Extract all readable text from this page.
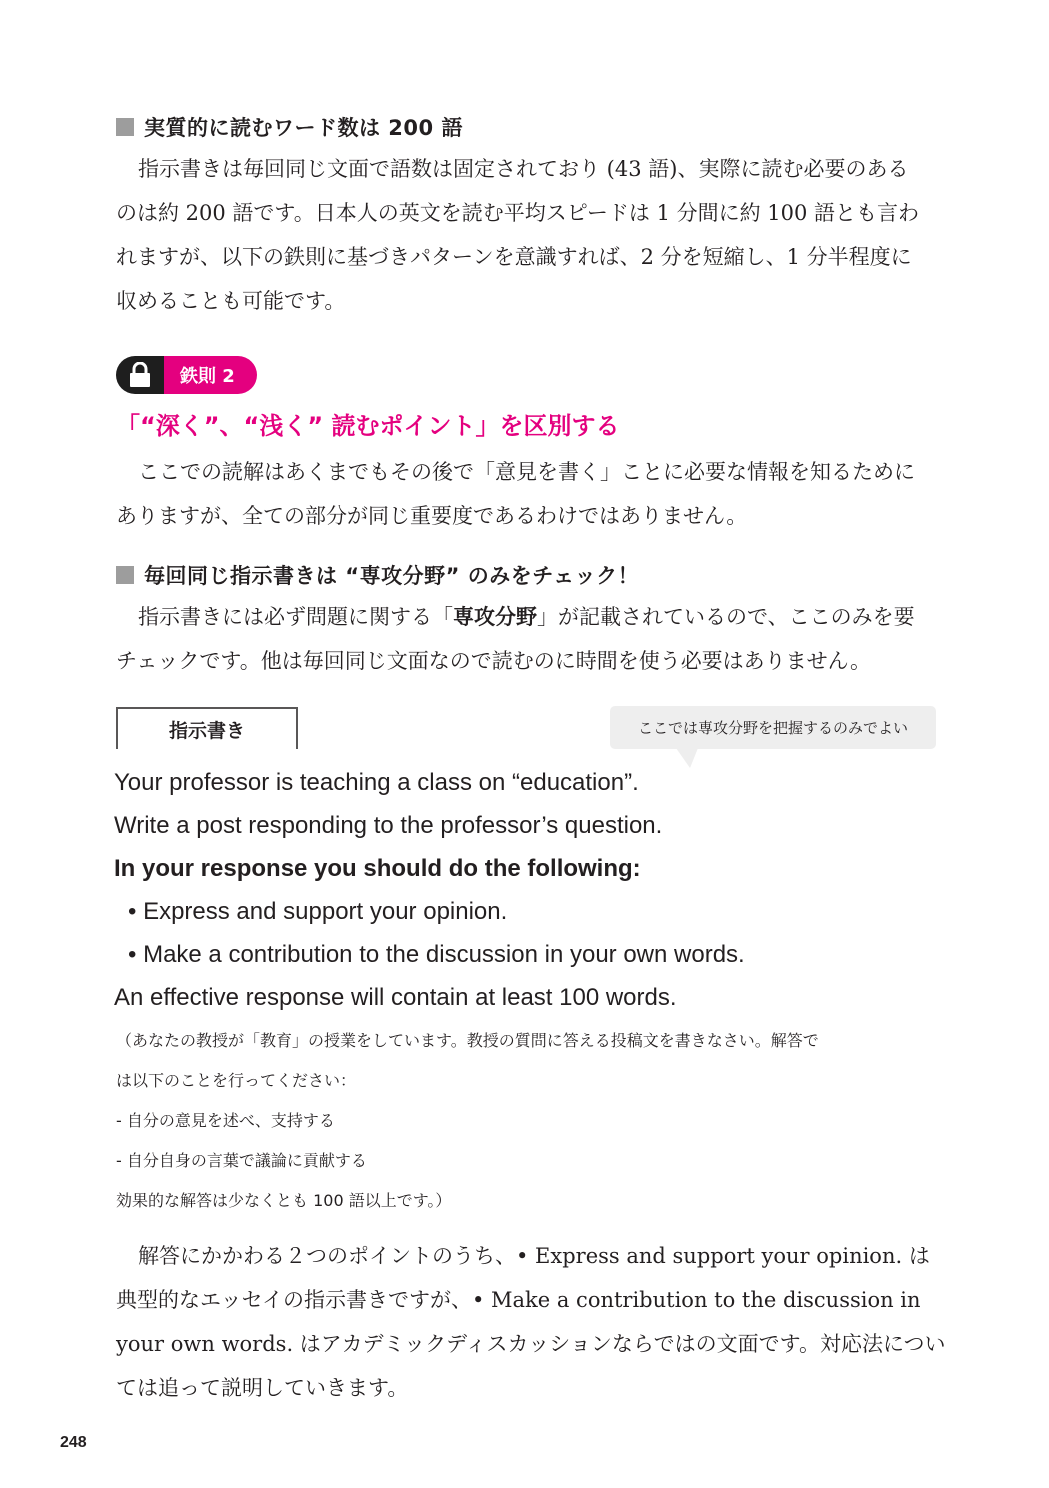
実質的に読むワード数は 200 語

指示書きは毎回同じ文面で語数は固定されており (43 語)、実際に読む必要のある
のは約 200 語です。日本人の英文を読む平均スピードは 1 分間に約 100 語とも言わ
れますが、以下の鉄則に基づきパターンを意識すれば、2 分を短縮し、1 分半程度に
収めることも可能です。

鉄則 2
「“深く”、“浅く” 読むポイント」を区別する

ここでの読解はあくまでもその後で「意見を書く」ことに必要な情報を知るために
ありますが、全ての部分が同じ重要度であるわけではありません。

毎回同じ指示書きは “専攻分野” のみをチェック！

指示書きには必ず問題に関する「専攻分野」が記載されているので、ここのみを要
チェックです。他は毎回同じ文面なので読むのに時間を使う必要はありません。

指示書き	ここでは専攻分野を把握するのみでよい
Your professor is teaching a class on “education”.
Write a post responding to the professor’s question.
In your response you should do the following:
• Express and support your opinion.
• Make a contribution to the discussion in your own words.
An effective response will contain at least 100 words.
（あなたの教授が「教育」の授業をしています。教授の質問に答える投稿文を書きなさい。解答で
は以下のことを行ってください：
- 自分の意見を述べ、支持する
- 自分自身の言葉で議論に貢献する
効果的な解答は少なくとも 100 語以上です。）

解答にかかわる２つのポイントのうち、• Express and support your opinion. は
典型的なエッセイの指示書きですが、• Make a contribution to the discussion in
your own words. はアカデミックディスカッションならではの文面です。対応法につい
ては追って説明していきます。

248
